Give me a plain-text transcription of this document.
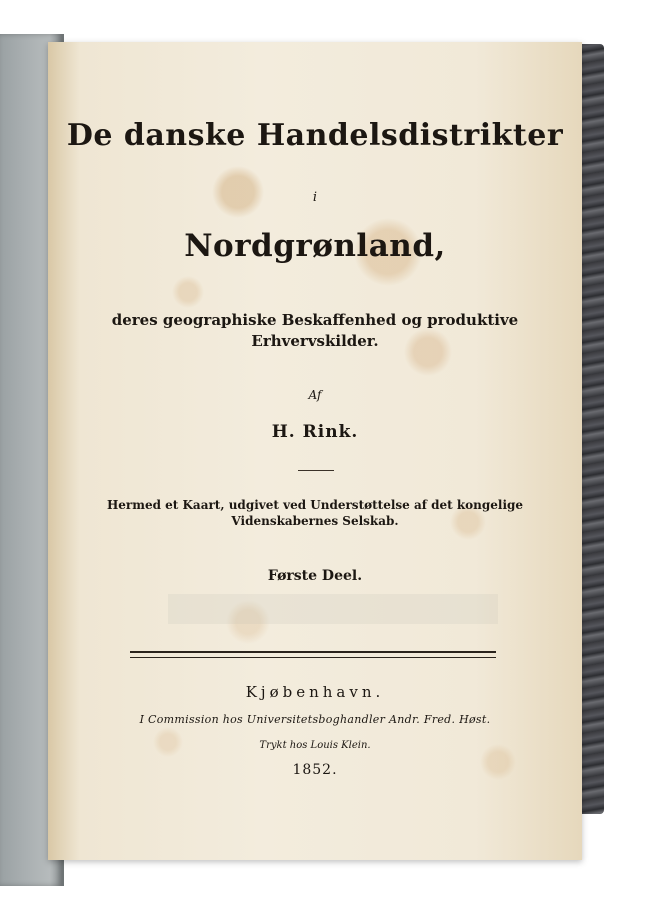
De danske Handelsdistrikter
i
Nordgrønland,
deres geographiske Beskaffenhed og produktive
Erhvervskilder.
Af
H. Rink.
Hermed et Kaart, udgivet ved Understøttelse af det kongelige
Videnskabernes Selskab.
Første Deel.
Kjøbenhavn.
I Commission hos Universitetsboghandler Andr. Fred. Høst.
Trykt hos Louis Klein.
1852.
